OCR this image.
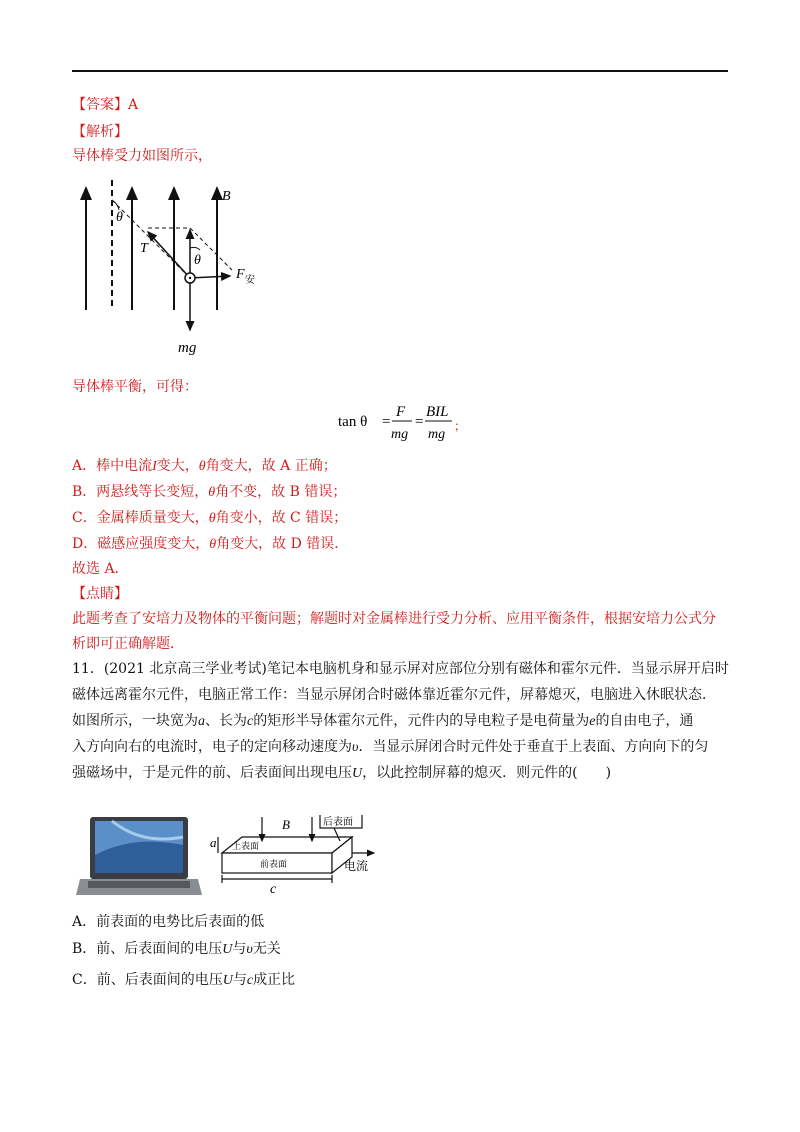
【答案】A
【解析】
导体棒受力如图所示，
θ
θ
B
T
F 安
mg
导体棒平衡，可得：
tan θ =
F
mg
=
BIL
mg
；
A．棒中电流I变大，θ角变大，故 A 正确；
B．两悬线等长变短，θ角不变，故 B 错误；
C．金属棒质量变大，θ角变小，故 C 错误；
D．磁感应强度变大，θ角变大，故 D 错误．
故选 A．
【点睛】
此题考查了安培力及物体的平衡问题；解题时对金属棒进行受力分析、应用平衡条件，根据安培力公式分
析即可正确解题．
11．(2021 北京高三学业考试)笔记本电脑机身和显示屏对应部位分别有磁体和霍尔元件．当显示屏开启时
磁体远离霍尔元件，电脑正常工作：当显示屏闭合时磁体靠近霍尔元件，屏幕熄灭，电脑进入休眠状态．
如图所示，一块宽为a、长为c的矩形半导体霍尔元件，元件内的导电粒子是电荷量为e的自由电子，通
入方向向右的电流时，电子的定向移动速度为υ．当显示屏闭合时元件处于垂直于上表面、方向向下的匀
强磁场中，于是元件的前、后表面间出现电压U，以此控制屏幕的熄灭．则元件的(　　)
后表面
上表面
前表面
B
a
c
电流
A．前表面的电势比后表面的低
B．前、后表面间的电压U与υ无关
C．前、后表面间的电压U与c成正比
